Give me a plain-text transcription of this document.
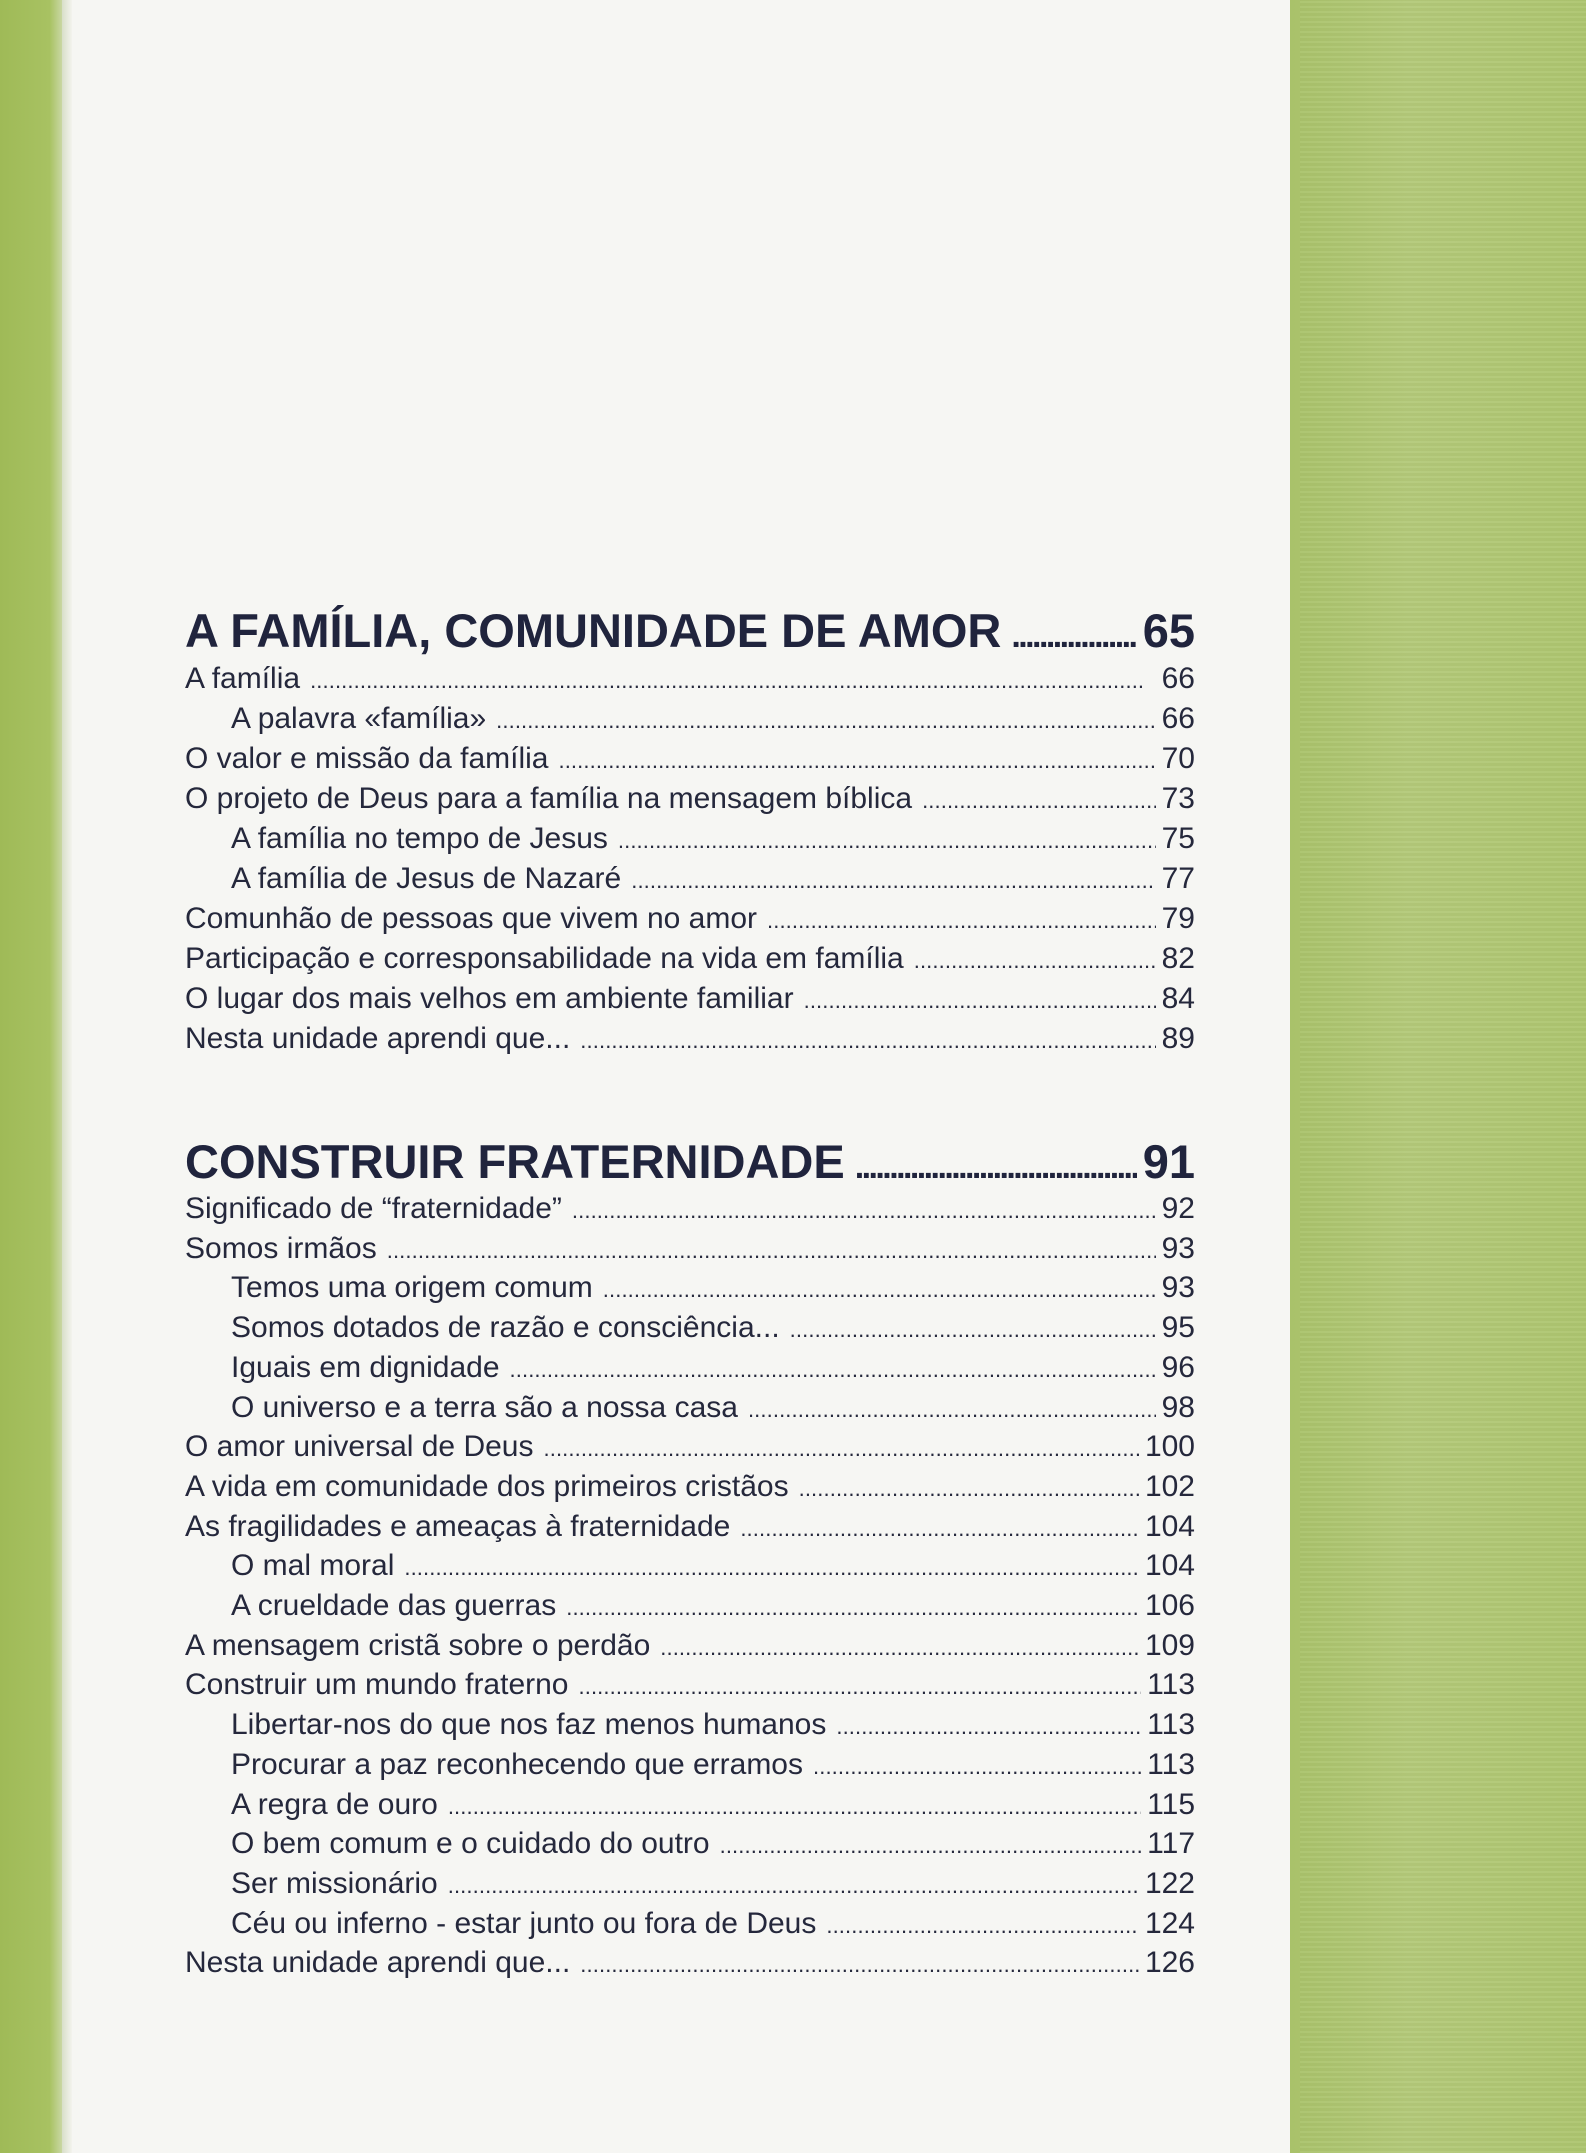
A FAMÍLIA, COMUNIDADE DE AMOR . . .	65
A família . . .	66
A palavra «família» . . .	66
O valor e missão da família . . .	70
O projeto de Deus para a família na mensagem bíblica . . .	73
A família no tempo de Jesus . . .	75
A família de Jesus de Nazaré . . .	77
Comunhão de pessoas que vivem no amor . . .	79
Participação e corresponsabilidade na vida em família . . .	82
O lugar dos mais velhos em ambiente familiar . . .	84
Nesta unidade aprendi que... . . .	89
CONSTRUIR FRATERNIDADE . . .	91
Significado de “fraternidade” . . .	92
Somos irmãos . . .	93
Temos uma origem comum . . .	93
Somos dotados de razão e consciência... . . .	95
Iguais em dignidade . . .	96
O universo e a terra são a nossa casa . . .	98
O amor universal de Deus . . .	100
A vida em comunidade dos primeiros cristãos . . .	102
As fragilidades e ameaças à fraternidade . . .	104
O mal moral . . .	104
A crueldade das guerras . . .	106
A mensagem cristã sobre o perdão . . .	109
Construir um mundo fraterno . . .	113
Libertar-nos do que nos faz menos humanos . . .	113
Procurar a paz reconhecendo que erramos . . .	113
A regra de ouro . . .	115
O bem comum e o cuidado do outro . . .	117
Ser missionário . . .	122
Céu ou inferno - estar junto ou fora de Deus . . .	124
Nesta unidade aprendi que... . . .	126
